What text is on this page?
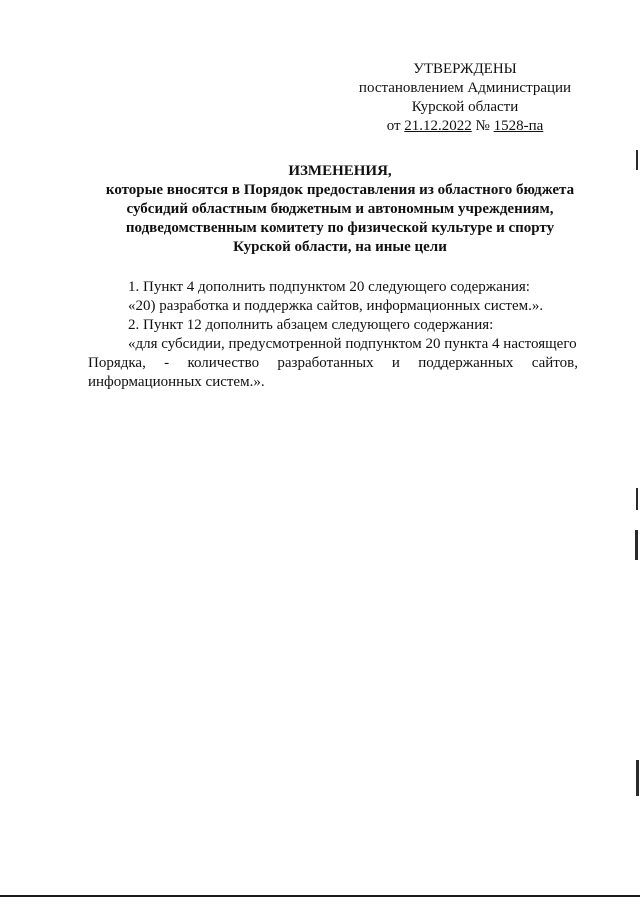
УТВЕРЖДЕНЫ
постановлением Администрации
Курской области
от 21.12.2022 № 1528-па
ИЗМЕНЕНИЯ,
которые вносятся в Порядок предоставления из областного бюджета
субсидий областным бюджетным и автономным учреждениям,
подведомственным комитету по физической культуре и спорту
Курской области, на иные цели
1. Пункт 4 дополнить подпунктом 20 следующего содержания:
«20) разработка и поддержка сайтов, информационных систем.».
2. Пункт 12 дополнить абзацем следующего содержания:
«для субсидии, предусмотренной подпунктом 20 пункта 4 настоящего
Порядка, - количество разработанных и поддержанных сайтов,
информационных систем.».
